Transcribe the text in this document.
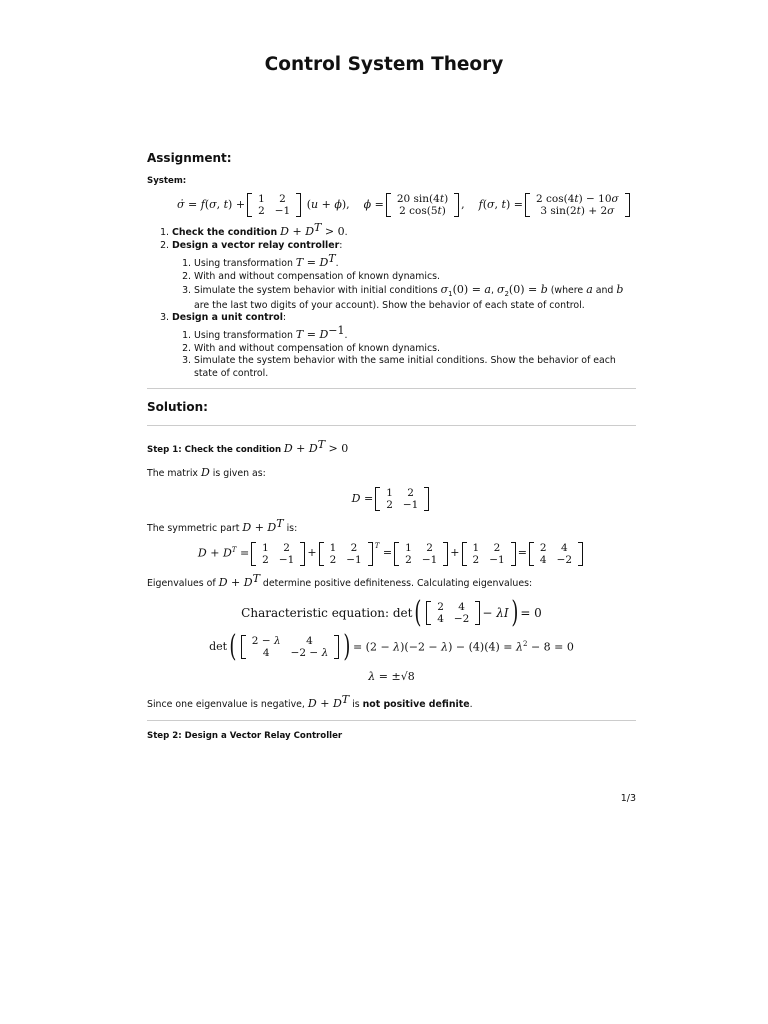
Control System Theory
Assignment:
System:
σ̇ = f(σ, t) + 1	2
2	−1
(u + ϕ),    ϕ = 20 sin(4t)
2 cos(5t)
,    f(σ, t) = 2 cos(4t) − 10σ
3 sin(2t) + 2σ
1. Check the condition $D + D^T > 0$.
2. Design a vector relay controller:
1. Using transformation $T = D^T$.
2. With and without compensation of known dynamics.
3. Simulate the system behavior with initial conditions $\sigma_1(0) = a$, $\sigma_2(0) = b$ (where a and b are the last two digits of your account). Show the behavior of each state of control.
3. Design a unit control:
1. Using transformation $T = D^{-1}$.
2. With and without compensation of known dynamics.
3. Simulate the system behavior with the same initial conditions. Show the behavior of each state of control.
Solution:
Step 1: Check the condition $D + D^T > 0$
The matrix D is given as:
D = 1	2
2	−1
The symmetric part $D + D^T$ is:
$D + D^T = 1$	2
2	−1
+ 1	2
2	−1
$^T$
= 1	2
2	−1
+ 1	2
2	−1
= 2	4
4	−2
Eigenvalues of $D + D^T$ determine positive definiteness. Calculating eigenvalues:
Characteristic equation:
det ( 2	4
4	−2 − λI ) = 0
det ( 2 − λ	4
4	−2 − λ ) = $(2 - \lambda)(-2 - \lambda) - (4)(4) = \lambda^2 - 8 = 0$
λ = ±√8
Since one eigenvalue is negative, $D + D^T$ is not positive definite.
Step 2: Design a Vector Relay Controller
1/3
